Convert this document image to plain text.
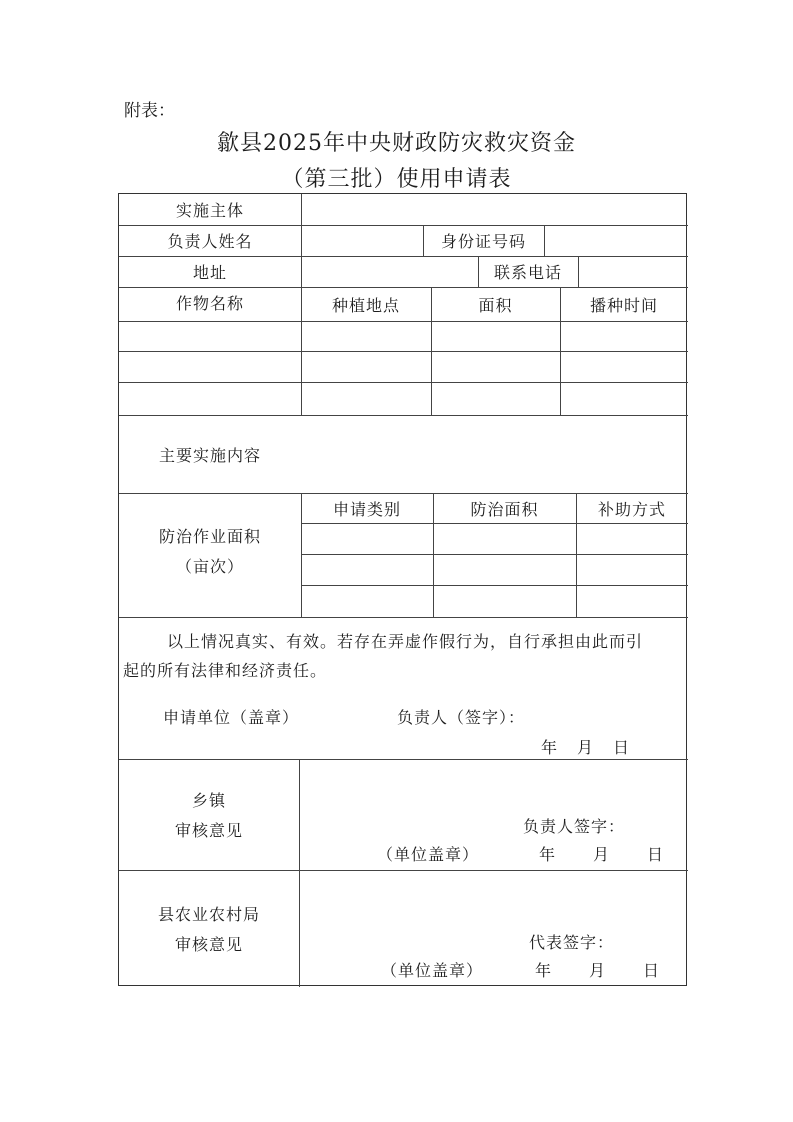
附表：
歙县2025年中央财政防灾救灾资金
（第三批）使用申请表
实施主体
负责人姓名	身份证号码
地址	联系电话
作物名称	种植地点	面积	播种时间
主要实施内容
防治作业面积
（亩次）
申请类别	防治面积	补助方式
以上情况真实、有效。若存在弄虚作假行为，自行承担由此而引
起的所有法律和经济责任。
申请单位（盖章）	负责人（签字）：
年　月　日
乡镇
审核意见	负责人签字：
（单位盖章）	年　　月　　日
县农业农村局
审核意见	代表签字：
（单位盖章）	年　　月　　日
